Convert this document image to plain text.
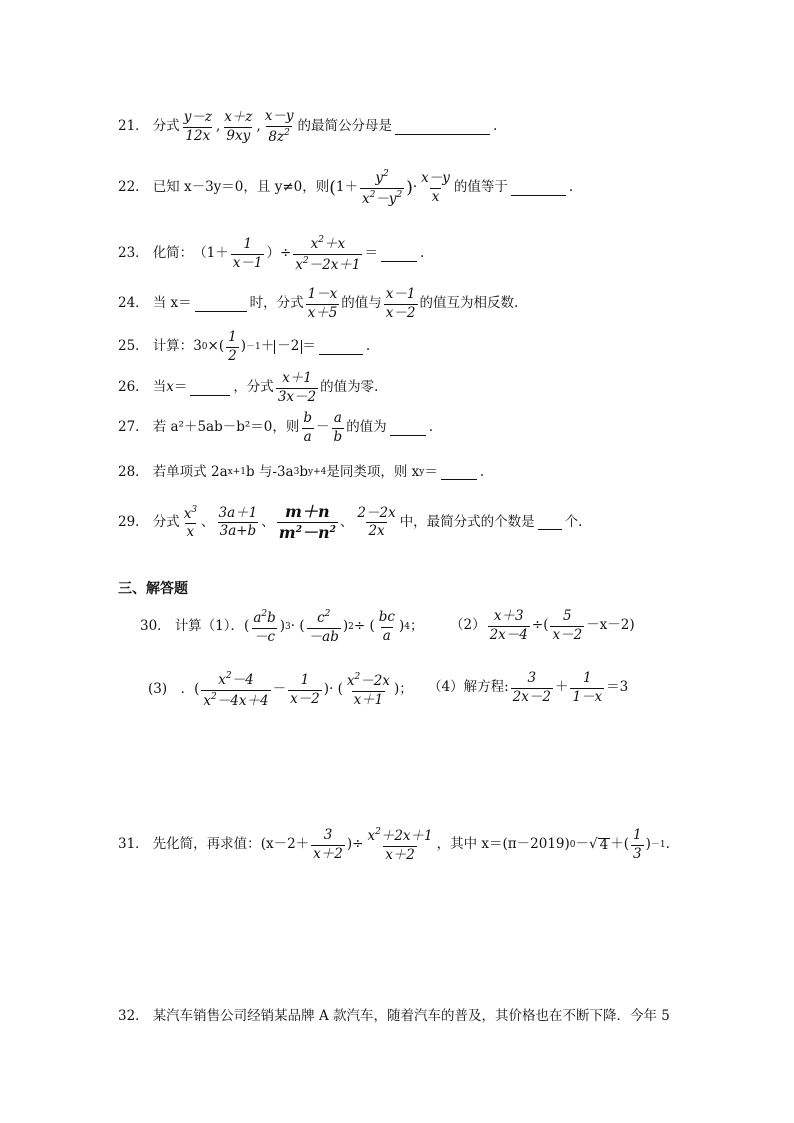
21． 分式 $\frac{y-z}{12x}$ , $\frac{x+z}{9xy}$ , $\frac{x-y}{8z^2}$ 的最简公分母是	.
22． 已知 x－3y＝0，且 y≠0，则 ( $1+ \frac{y^2}{x^2-y^2}$ ) · $\frac{x-y}{x}$ 的值等于	.
23． 化简： （$1+ \frac{1}{x-1}$ ）÷ $\frac{x^2+x}{x^2-2x+1}$ ＝	.
24． 当 x＝	时，分式 $\frac{1-x}{x+5}$ 的值与 $\frac{x-1}{x-2}$ 的值互为相反数.
25． 计算： 3 0 ×( $\frac{1}{2}$ ) －1 ＋ －2 ＝	.
26． 当 x ＝	，分式 $\frac{x+1}{3x-2}$ 的值为零.
27． 若 a²＋5ab－b²＝0，则 $\frac{b}{a} - \frac{a}{b}$ 的值为	.
28． 若单项式 2a x+1 b 与-3a 3 b y+4 是同类项，则 x y ＝	.
29． 分式 $\frac{x^3}{x}$ 、 $\frac{3a+1}{3a+b}$ 、 $\frac{m+n}{m^2-n^2}$ 、 $\frac{2-2x}{2x}$ 中，最简分式的个数是 个.
三、解答题
30． 计算（1）． ( $\frac{a^2b}{-c}$ ) 3 · ( $\frac{c^2}{-ab}$ ) 2 ÷ ( $\frac{bc}{a}$ ) 4 ； $(2) \frac{x+3}{2x-4}$ ÷( $\frac{5}{x-2} -x-2$)
(3)　． ( $\frac{x^2-4}{x^2-4x+4} - \frac{1}{x-2}$ )· ( $\frac{x^2-2x}{x+1}$ )； （4）解方程 : $\frac{3}{2x-2} + \frac{1}{1-x} =3$
31． 先化简，再求值： ($x-2+ \frac{3}{x+2}$ )÷ $\frac{x^2+2x+1}{x+2}$ ，其中 x＝(π－2019) 0 －√ 4 ＋( $\frac{1}{3}$ ) －1 .
32． 某汽车销售公司经销某品牌 A 款汽车，随着汽车的普及，其价格也在不断下降．今年 5
